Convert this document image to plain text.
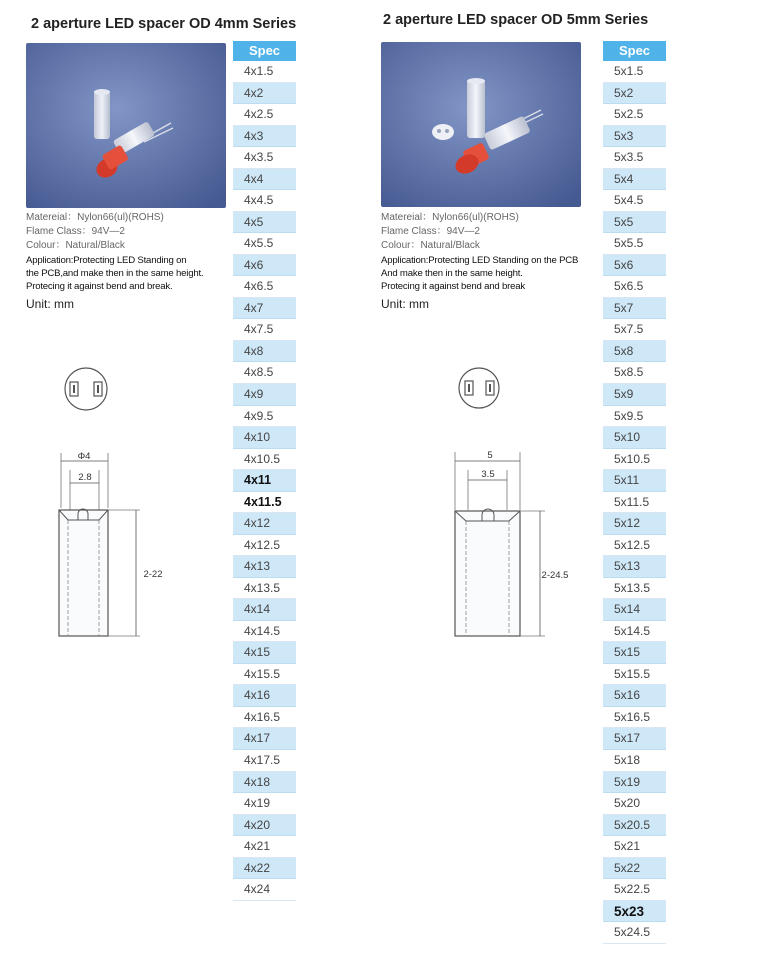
2 aperture LED spacer OD 4mm Series	2 aperture LED spacer OD 5mm Series
Matereial：Nylon66(ul)(ROHS)
Flame Class：94V—2
Colour：Natural/Black
Application:Protecting LED Standing on
the PCB,and make then in the same height.
Protecing it against bend and break.
Unit: mm
Matereial：Nylon66(ul)(ROHS)
Flame Class：94V—2
Colour：Natural/Black
Application:Protecting LED Standing on the PCB
And make then in the same height.
Protecing it against bend and break
Unit: mm
Φ4
2.8
2-22
5
3.5
2-24.5
Spec
4x1.5
4x2
4x2.5
4x3
4x3.5
4x4
4x4.5
4x5
4x5.5
4x6
4x6.5
4x7
4x7.5
4x8
4x8.5
4x9
4x9.5
4x10
4x10.5
4x11
4x11.5
4x12
4x12.5
4x13
4x13.5
4x14
4x14.5
4x15
4x15.5
4x16
4x16.5
4x17
4x17.5
4x18
4x19
4x20
4x21
4x22
4x24
Spec
5x1.5
5x2
5x2.5
5x3
5x3.5
5x4
5x4.5
5x5
5x5.5
5x6
5x6.5
5x7
5x7.5
5x8
5x8.5
5x9
5x9.5
5x10
5x10.5
5x11
5x11.5
5x12
5x12.5
5x13
5x13.5
5x14
5x14.5
5x15
5x15.5
5x16
5x16.5
5x17
5x18
5x19
5x20
5x20.5
5x21
5x22
5x22.5
5x23
5x24.5
